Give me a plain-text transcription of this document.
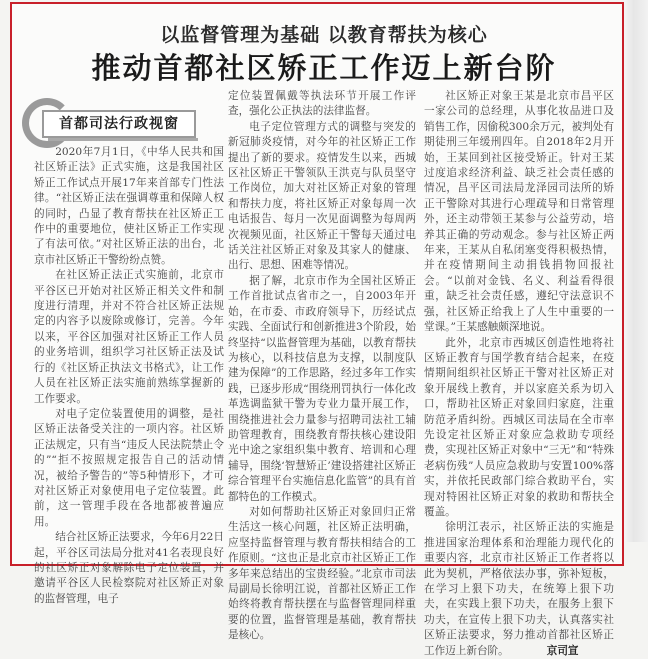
以监督管理为基础 以教育帮扶为核心
推动首都社区矫正工作迈上新台阶
首都司法行政视窗

2020年7月1日，《中华人民共和国社区矫正法》正式实施，这是我国社区矫正工作试点开展17年来首部专门性法律。“社区矫正法在强调尊重和保障人权的同时，凸显了教育帮扶在社区矫正工作中的重要地位，使社区矫正工作实现了有法可依。”对社区矫正法的出台，北京市社区矫正干警纷纷点赞。

在社区矫正法正式实施前，北京市平谷区已开始对社区矫正相关文件和制度进行清理，并对不符合社区矫正法规定的内容予以废除或修订，完善。今年以来，平谷区加强对社区矫正工作人员的业务培训，组织学习社区矫正法及试行的《社区矫正执法文书格式》，让工作人员在社区矫正法实施前熟练掌握新的工作要求。

对电子定位装置使用的调整，是社区矫正法备受关注的一项内容。社区矫正法规定，只有当“违反人民法院禁止令的”“拒不按照规定报告自己的活动情况，被给予警告的”等5种情形下，才可对社区矫正对象使用电子定位装置。此前，这一管理手段在各地都被普遍应用。

结合社区矫正法要求，今年6月22日起，平谷区司法局分批对41名表现良好的社区矫正对象解除电子定位装置，并邀请平谷区人民检察院对社区矫正对象的监督管理，电子

定位装置佩戴等执法环节开展工作评查，强化公正执法的法律监督。

电子定位管理方式的调整与突发的新冠肺炎疫情，对今年的社区矫正工作提出了新的要求。疫情发生以来，西城区社区矫正干警领队王洪克与队员坚守工作岗位，加大对社区矫正对象的管理和帮扶力度，将社区矫正对象每周一次电话报告、每月一次见面调整为每周两次视频见面，社区矫正干警每天通过电话关注社区矫正对象及其家人的健康、出行、思想、困难等情况。

据了解，北京市作为全国社区矫正工作首批试点省市之一，自2003年开始，在市委、市政府领导下，历经试点实践、全面试行和创新推进3个阶段，始终坚持“以监督管理为基础，以教育帮扶为核心，以科技信息为支撑，以制度队建为保障”的工作思路，经过多年工作实践，已逐步形成“围绕刑罚执行一体化改革选调监狱干警为专业力量开展工作，围绕推进社会力量参与招聘司法社工辅助管理教育，围绕教育帮扶核心建设阳光中途之家组织集中教育、培训和心理辅导，围绕‘智慧矫正’建设搭建社区矫正综合管理平台实施信息化监管”的具有首都特色的工作模式。

对如何帮助社区矫正对象回归正常生活这一核心问题，社区矫正法明确，应坚持监督管理与教育帮扶相结合的工作原则。“这也正是北京市社区矫正工作多年来总结出的宝贵经验。”北京市司法局副局长徐明江说，首都社区矫正工作始终将教育帮扶摆在与监督管理同样重要的位置，监督管理是基础，教育帮扶是核心。

社区矫正对象王某是北京市昌平区一家公司的总经理，从事化妆品进口及销售工作，因偷税300余万元，被判处有期徒刑三年缓刑四年。自2018年2月开始，王某回到社区接受矫正。针对王某过度追求经济利益、缺乏社会责任感的情况，昌平区司法局龙泽园司法所的矫正干警除对其进行心理疏导和日常管理外，还主动带领王某参与公益劳动，培养其正确的劳动观念。参与社区矫正两年来，王某从自私闭塞变得积极热情，并在疫情期间主动捐钱捐物回报社会。“以前对金钱、名义、利益看得很重，缺乏社会责任感，遵纪守法意识不强，社区矫正给我上了人生中重要的一堂课。”王某感触颇深地说。

此外，北京市西城区创造性地将社区矫正教育与国学教育结合起来，在疫情期间组织社区矫正干警对社区矫正对象开展线上教育，并以家庭关系为切入口，帮助社区矫正对象回归家庭，注重防范矛盾纠纷。西城区司法局在全市率先设定社区矫正对象应急救助专项经费，实现社区矫正对象中“三无”和“特殊老病伤残”人员应急救助与安置100%落实，并依托民政部门综合救助平台，实现对特困社区矫正对象的救助和帮扶全覆盖。

徐明江表示，社区矫正法的实施是推进国家治理体系和治理能力现代化的重要内容，北京市社区矫正工作者将以此为契机，严格依法办事，弥补短板，在学习上狠下功夫，在统筹上狠下功夫，在实践上狠下功夫，在服务上狠下功夫，在宣传上狠下功夫，认真落实社区矫正法要求，努力推动首都社区矫正工作迈上新台阶。	京司宣
